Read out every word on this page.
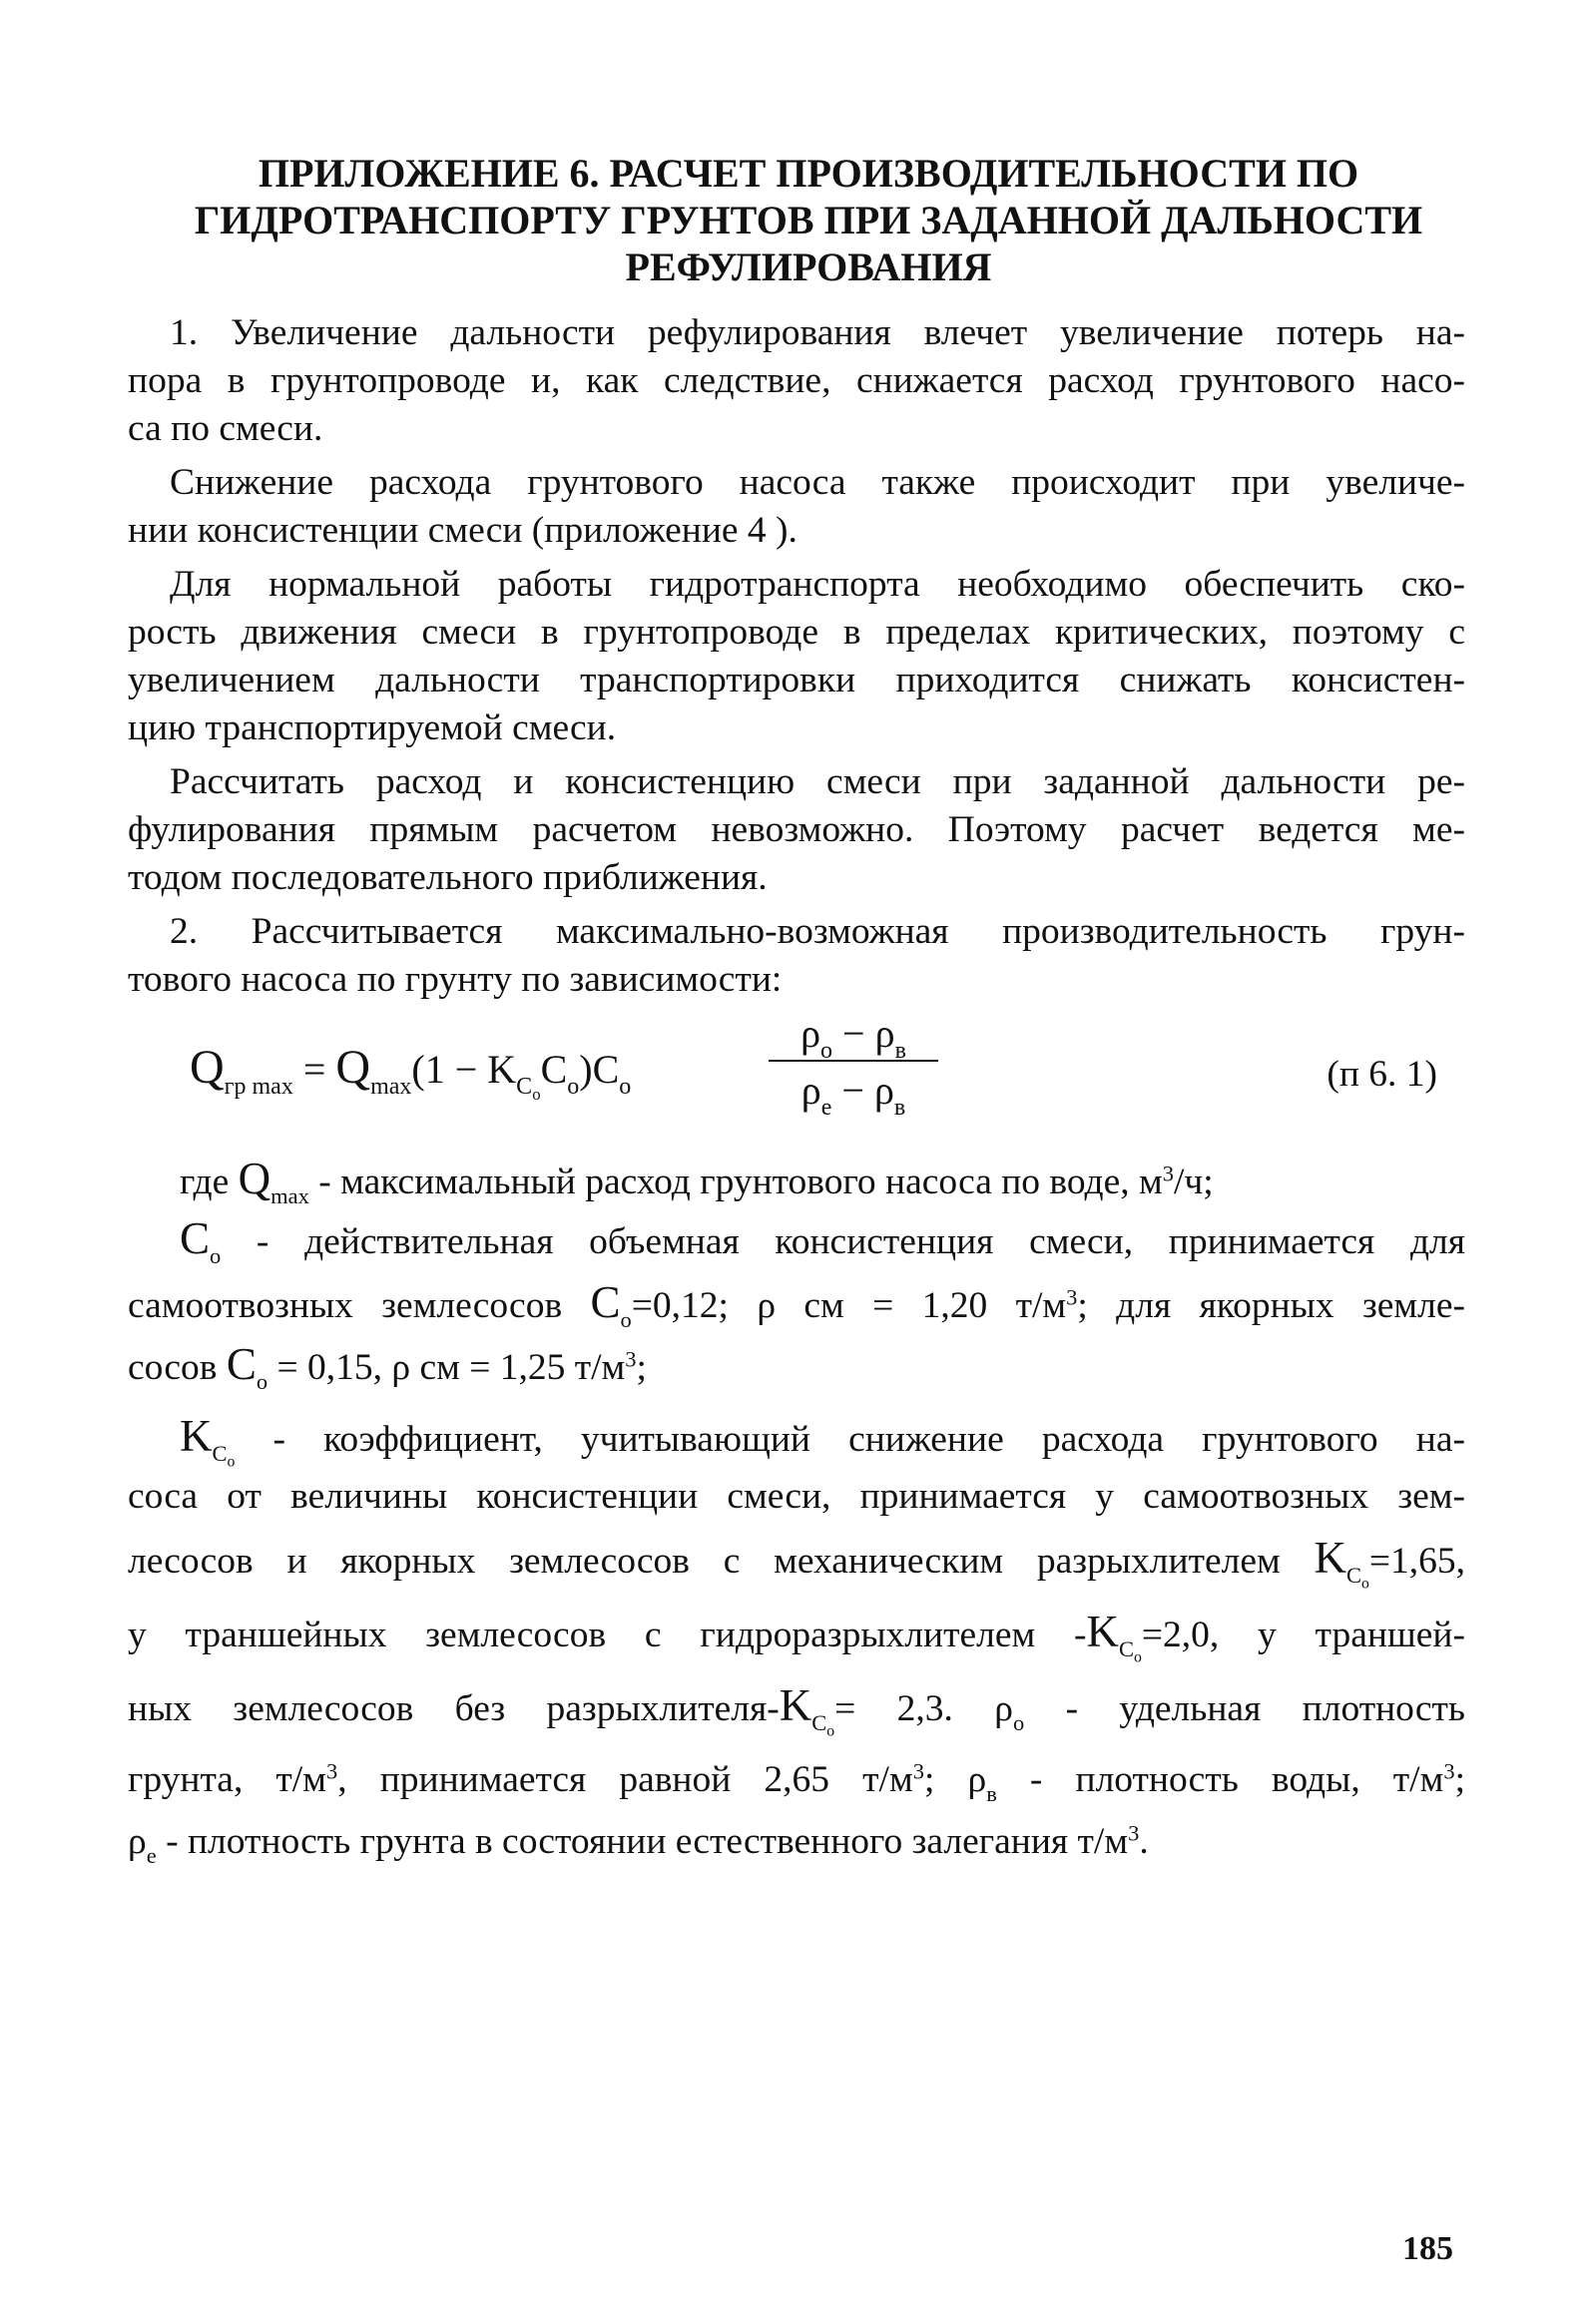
ПРИЛОЖЕНИЕ 6. РАСЧЕТ ПРОИЗВОДИТЕЛЬНОСТИ ПО
ГИДРОТРАНСПОРТУ ГРУНТОВ ПРИ ЗАДАННОЙ ДАЛЬНОСТИ
РЕФУЛИРОВАНИЯ
1. Увеличение дальности рефулирования влечет увеличение потерь на-
пора в грунтопроводе и, как следствие, снижается расход грунтового насо-
са по смеси.
Снижение расхода грунтового насоса также происходит при увеличе-
нии консистенции смеси (приложение 4 ).
Для нормальной работы гидротранспорта необходимо обеспечить ско-
рость движения смеси в грунтопроводе в пределах критических, поэтому с
увеличением дальности транспортировки приходится снижать консистен-
цию транспортируемой смеси.
Рассчитать расход и консистенцию смеси при заданной дальности ре-
фулирования прямым расчетом невозможно. Поэтому расчет ведется ме-
тодом последовательного приближения.
2. Рассчитывается максимально-возможная производительность грун-
тового насоса по грунту по зависимости:
$Q_{гр max} = Q_{max}(1 - K_{C_о}C_о)C_о$
$\rho_о - \rho_в$
$\rho_е - \rho_в$
(п 6. 1)
где $Q_{max}$ - максимальный расход грунтового насоса по воде, $м^3/ч$;
$C_о$ - действительная объемная консистенция смеси, принимается для
самоотвозных землесосов $C_о=0,12$; ρ см = 1,20 $т/м^3$; для якорных земле-
сосов $C_о = 0,15$, ρ см = 1,25 $т/м^3$;
$K_{C_о}$ - коэффициент, учитывающий снижение расхода грунтового на-
соса от величины консистенции смеси, принимается у самоотвозных зем-
лесосов и якорных землесосов с механическим разрыхлителем $K_{C_о}=1,65$,
у траншейных землесосов с гидроразрыхлителем $-K_{C_о}=2,0$, у траншей-
ных землесосов без разрыхлителя-$K_{C_о}= 2,3$. $\rho_о$ - удельная плотность
грунта, $т/м^3$, принимается равной 2,65 $т/м^3$; $\rho_в$ - плотность воды, $т/м^3$;
$\rho_е$ - плотность грунта в состоянии естественного залегания $т/м^3$.
185
